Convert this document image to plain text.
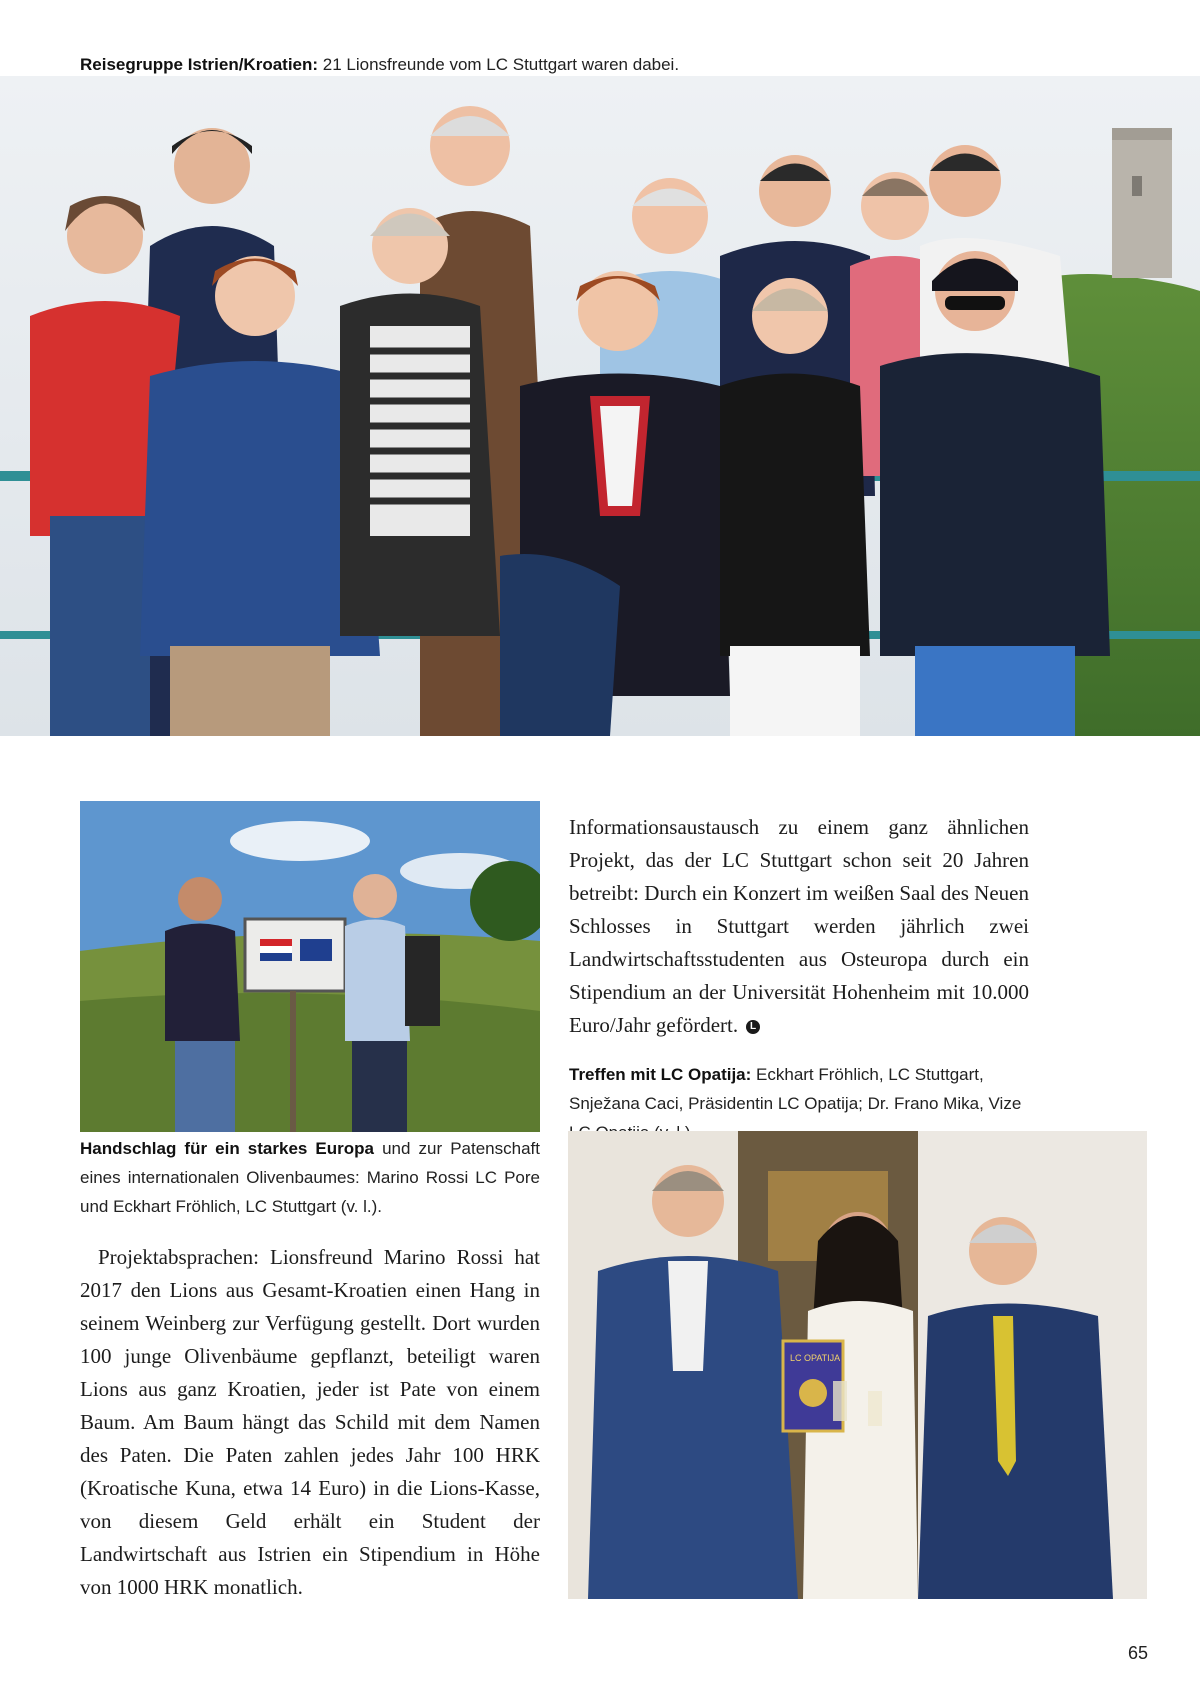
Reisegruppe Istrien/Kroatien: 21 Lionsfreunde vom LC Stuttgart waren dabei.
Handschlag für ein starkes Europa und zur Patenschaft eines internationalen Olivenbaumes: Marino Rossi LC Pore und Eckhart Fröhlich, LC Stuttgart (v. l.).

Projektabsprachen: Lionsfreund Marino Rossi hat 2017 den Lions aus Gesamt-Kroatien einen Hang in seinem Weinberg zur Verfügung gestellt. Dort wurden 100 junge Olivenbäume gepflanzt, beteiligt waren Lions aus ganz Kroatien, jeder ist Pate von einem Baum. Am Baum hängt das Schild mit dem Namen des Paten. Die Paten zahlen jedes Jahr 100 HRK (Kroatische Kuna, etwa 14 Euro) in die Lions-Kasse, von diesem Geld erhält ein Student der Landwirtschaft aus Istrien ein Stipendium in Höhe von 1000 HRK monatlich.

Informationsaustausch zu einem ganz ähnlichen Projekt, das der LC Stuttgart schon seit 20 Jahren betreibt: Durch ein Konzert im weißen Saal des Neuen Schlosses in Stuttgart werden jährlich zwei Landwirtschaftsstudenten aus Osteuropa durch ein Stipendium an der Universität Hohenheim mit 10.000 Euro/Jahr gefördert. L

Treffen mit LC Opatija: Eckhart Fröhlich, LC Stuttgart, Snježana Caci, Präsidentin LC Opatija; Dr. Frano Mika, Vize
LC OPATIJA
65
